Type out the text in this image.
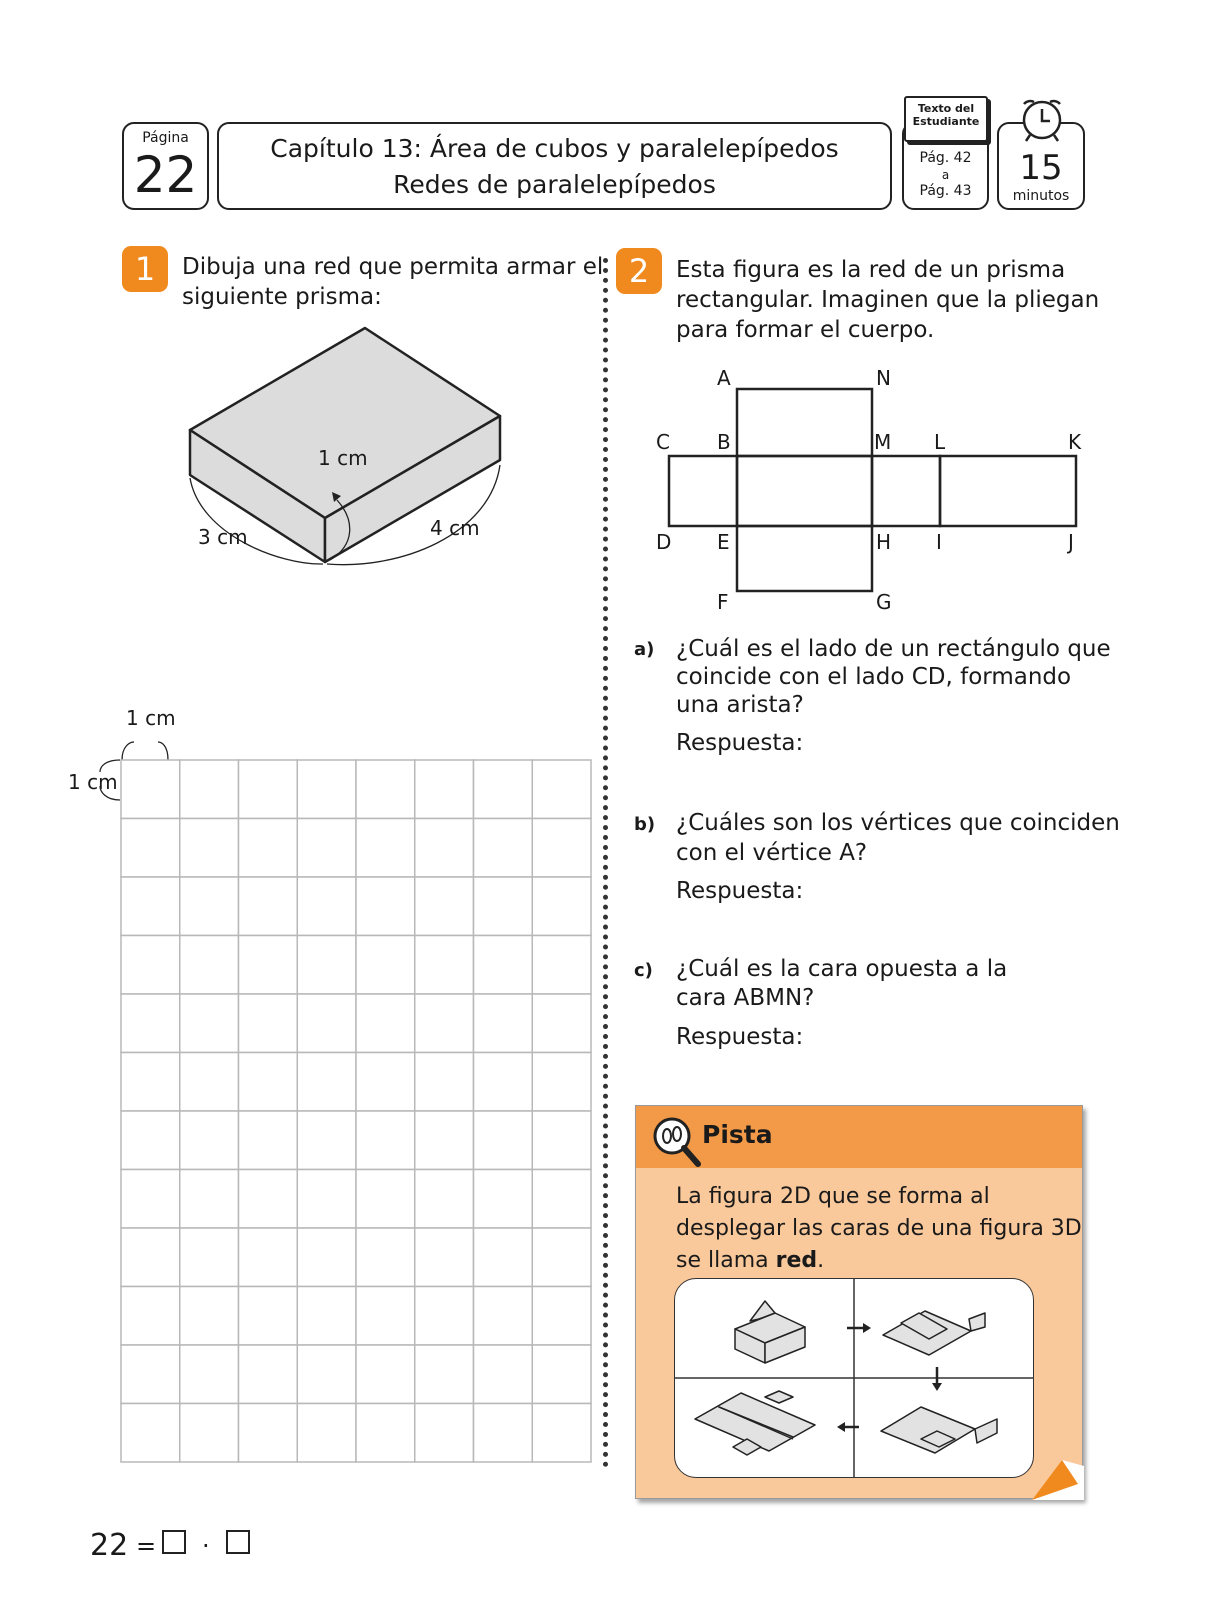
Página
22	Capítulo 13: Área de cubos y paralelepípedos
Redes de paralelepípedos
Pág. 42
a
Pág. 43
Texto del
Estudiante
15
minutos
1	Dibuja una red que permita armar el
siguiente prisma:
1 cm
3 cm	4 cm
1 cm
1 cm
2	Esta figura es la red de un prisma
rectangular. Imaginen que la pliegan
para formar el cuerpo.
A	N
C B	M L	K
D E	H I	J
F	G
a) ¿Cuál es el lado de un rectángulo que
coincide con el lado CD, formando
una arista?
Respuesta:
b) ¿Cuáles son los vértices que coinciden
con el vértice A?
Respuesta:
c) ¿Cuál es la cara opuesta a la
cara ABMN?
Respuesta:
Pista
La figura 2D que se forma al
desplegar las caras de una figura 3D
se llama red.
22 = ·
